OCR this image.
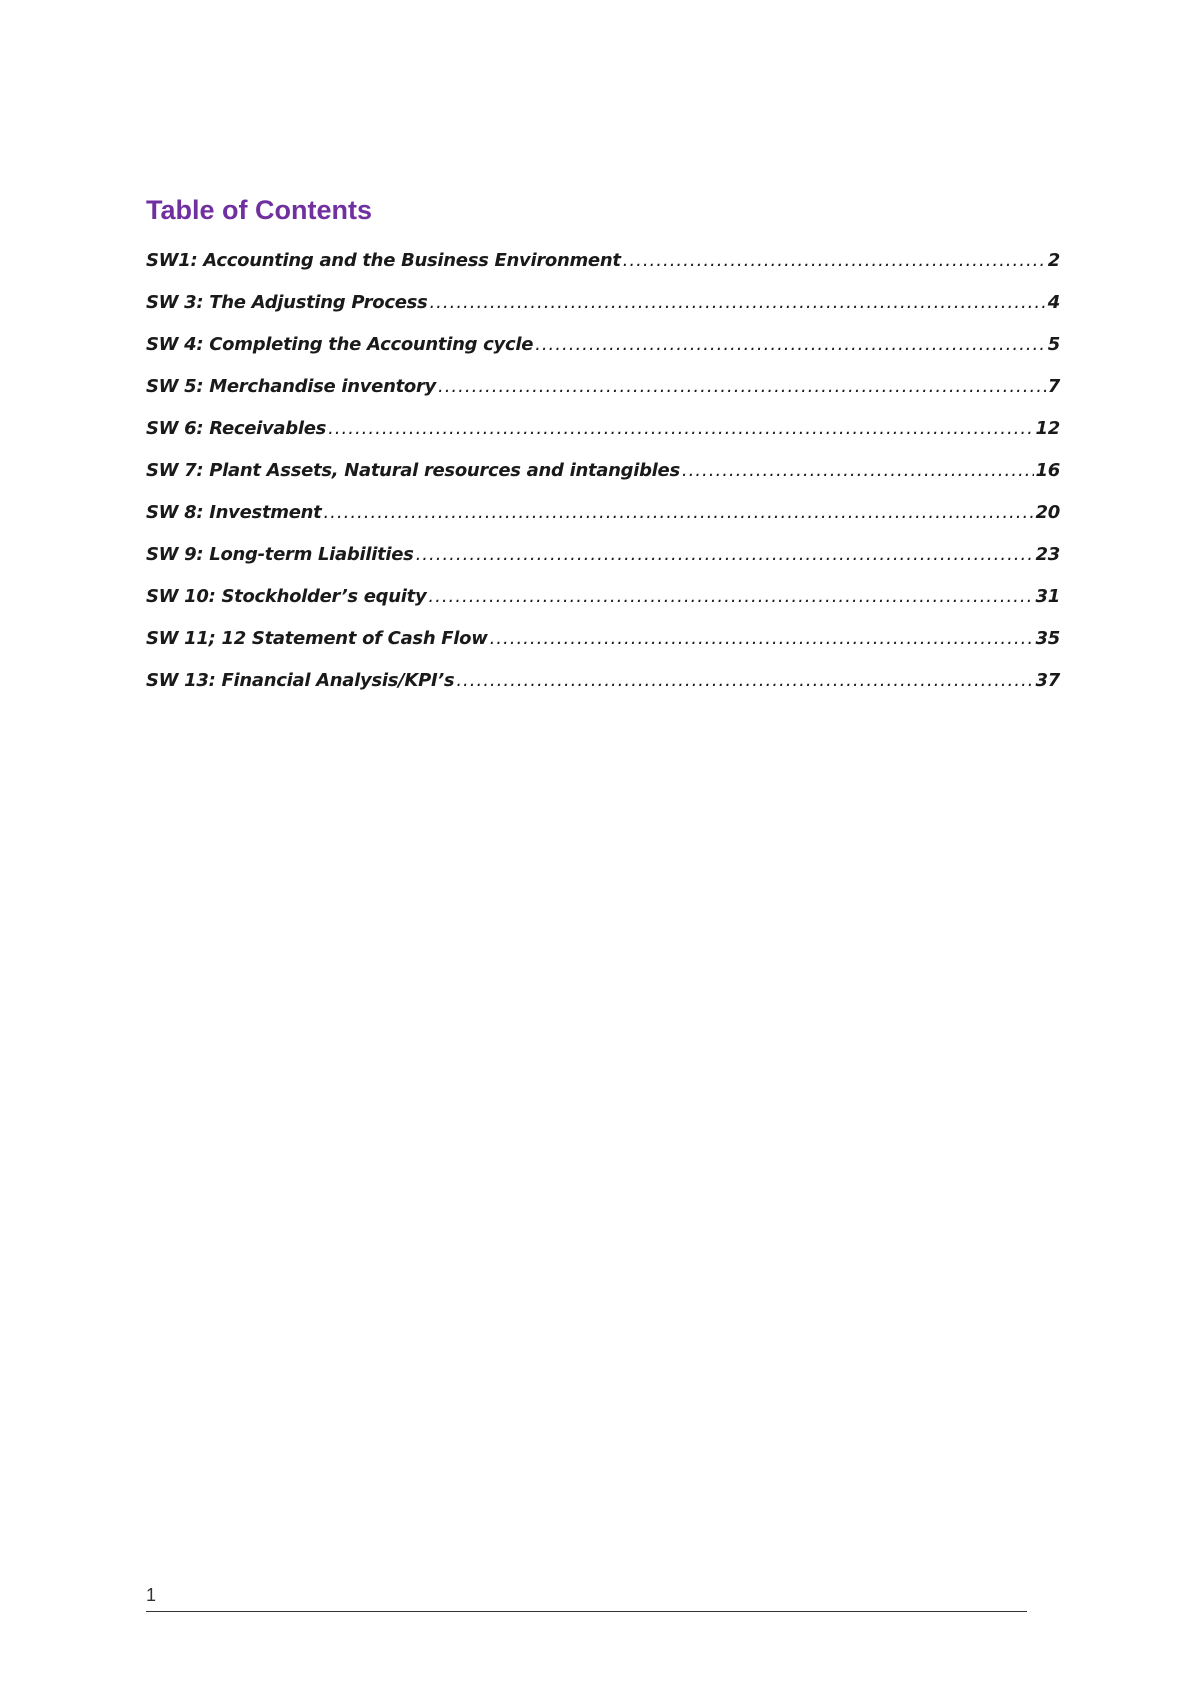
Table of Contents
SW1: Accounting and the Business Environment .....	2
SW 3: The Adjusting Process .....	4
SW 4: Completing the Accounting cycle .....	5
SW 5: Merchandise inventory .....	7
SW 6: Receivables .....	12
SW 7: Plant Assets, Natural resources and intangibles .....	16
SW 8: Investment .....	20
SW 9: Long-term Liabilities .....	23
SW 10: Stockholder’s equity .....	31
SW 11; 12 Statement of Cash Flow .....	35
SW 13: Financial Analysis/KPI’s .....	37
1
